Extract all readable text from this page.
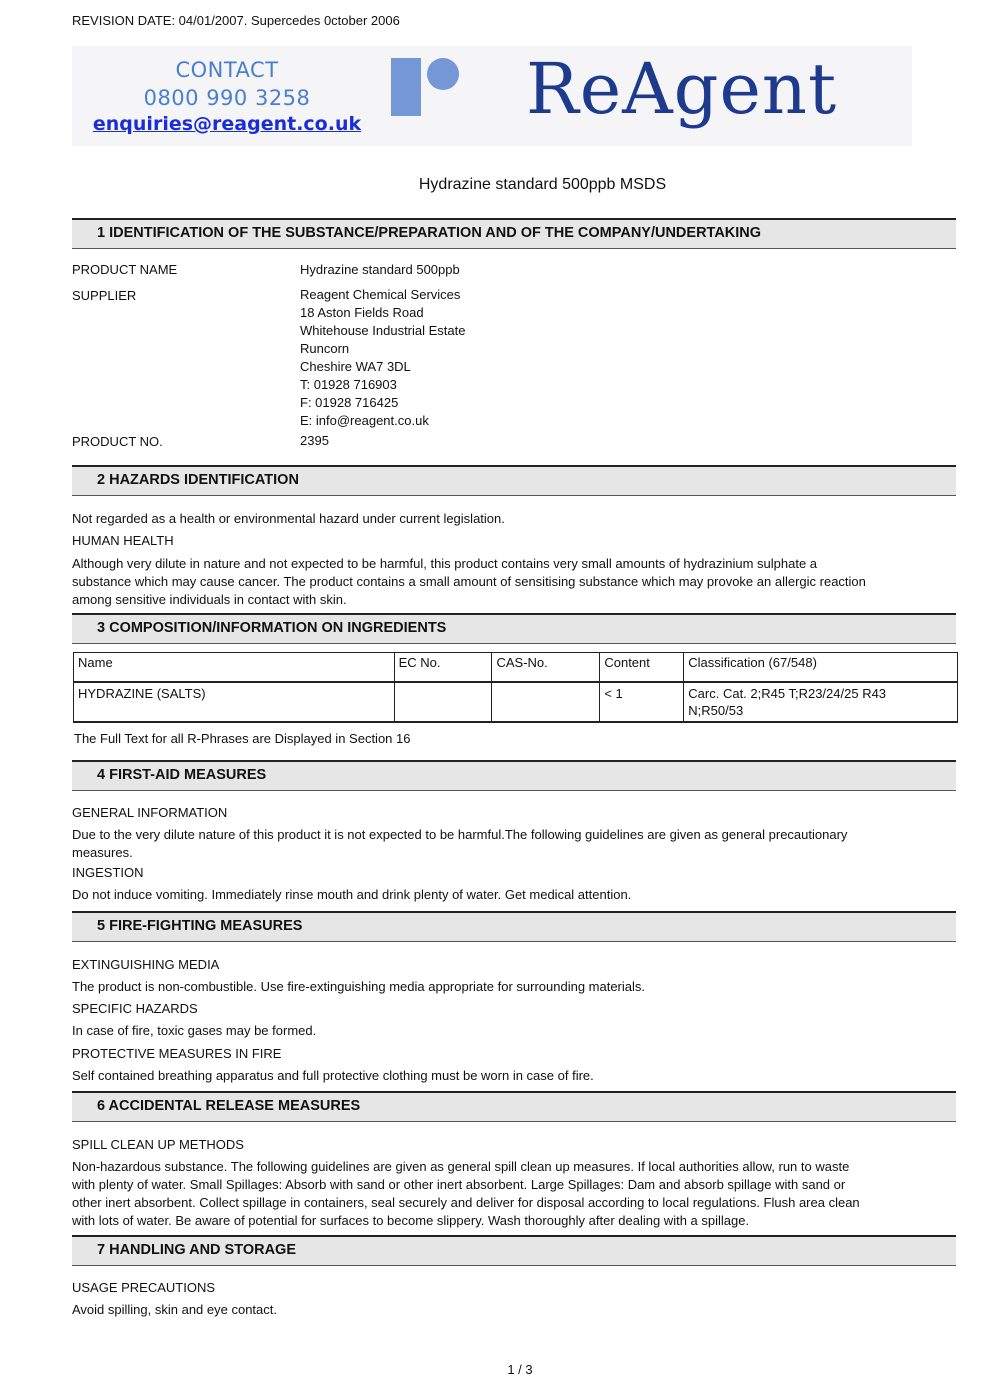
REVISION DATE: 04/01/2007. Supercedes 0ctober 2006
CONTACT
0800 990 3258
enquiries@reagent.co.uk ReAgent
Hydrazine standard 500ppb MSDS
1 IDENTIFICATION OF THE SUBSTANCE/PREPARATION AND OF THE COMPANY/UNDERTAKING
PRODUCT NAME	Hydrazine standard 500ppb
SUPPLIER	Reagent Chemical Services
18 Aston Fields Road
Whitehouse Industrial Estate
Runcorn
Cheshire WA7 3DL
T: 01928 716903
F: 01928 716425
E: info@reagent.co.uk
PRODUCT NO.	2395
2 HAZARDS IDENTIFICATION
Not regarded as a health or environmental hazard under current legislation.
HUMAN HEALTH
Although very dilute in nature and not expected to be harmful, this product contains very small amounts of hydrazinium sulphate a
substance which may cause cancer. The product contains a small amount of sensitising substance which may provoke an allergic reaction
among sensitive individuals in contact with skin.
3 COMPOSITION/INFORMATION ON INGREDIENTS
Name	EC No.	CAS-No.	Content	Classification (67/548)
HYDRAZINE (SALTS)			< 1	Carc. Cat. 2;R45 T;R23/24/25 R43
N;R50/53
The Full Text for all R-Phrases are Displayed in Section 16
4 FIRST-AID MEASURES
GENERAL INFORMATION
Due to the very dilute nature of this product it is not expected to be harmful.The following guidelines are given as general precautionary
measures.
INGESTION
Do not induce vomiting. Immediately rinse mouth and drink plenty of water. Get medical attention.
5 FIRE-FIGHTING MEASURES
EXTINGUISHING MEDIA
The product is non-combustible. Use fire-extinguishing media appropriate for surrounding materials.
SPECIFIC HAZARDS
In case of fire, toxic gases may be formed.
PROTECTIVE MEASURES IN FIRE
Self contained breathing apparatus and full protective clothing must be worn in case of fire.
6 ACCIDENTAL RELEASE MEASURES
SPILL CLEAN UP METHODS
Non-hazardous substance. The following guidelines are given as general spill clean up measures. If local authorities allow, run to waste
with plenty of water. Small Spillages: Absorb with sand or other inert absorbent. Large Spillages: Dam and absorb spillage with sand or
other inert absorbent. Collect spillage in containers, seal securely and deliver for disposal according to local regulations. Flush area clean
with lots of water. Be aware of potential for surfaces to become slippery. Wash thoroughly after dealing with a spillage.
7 HANDLING AND STORAGE
USAGE PRECAUTIONS
Avoid spilling, skin and eye contact.
1 / 3
